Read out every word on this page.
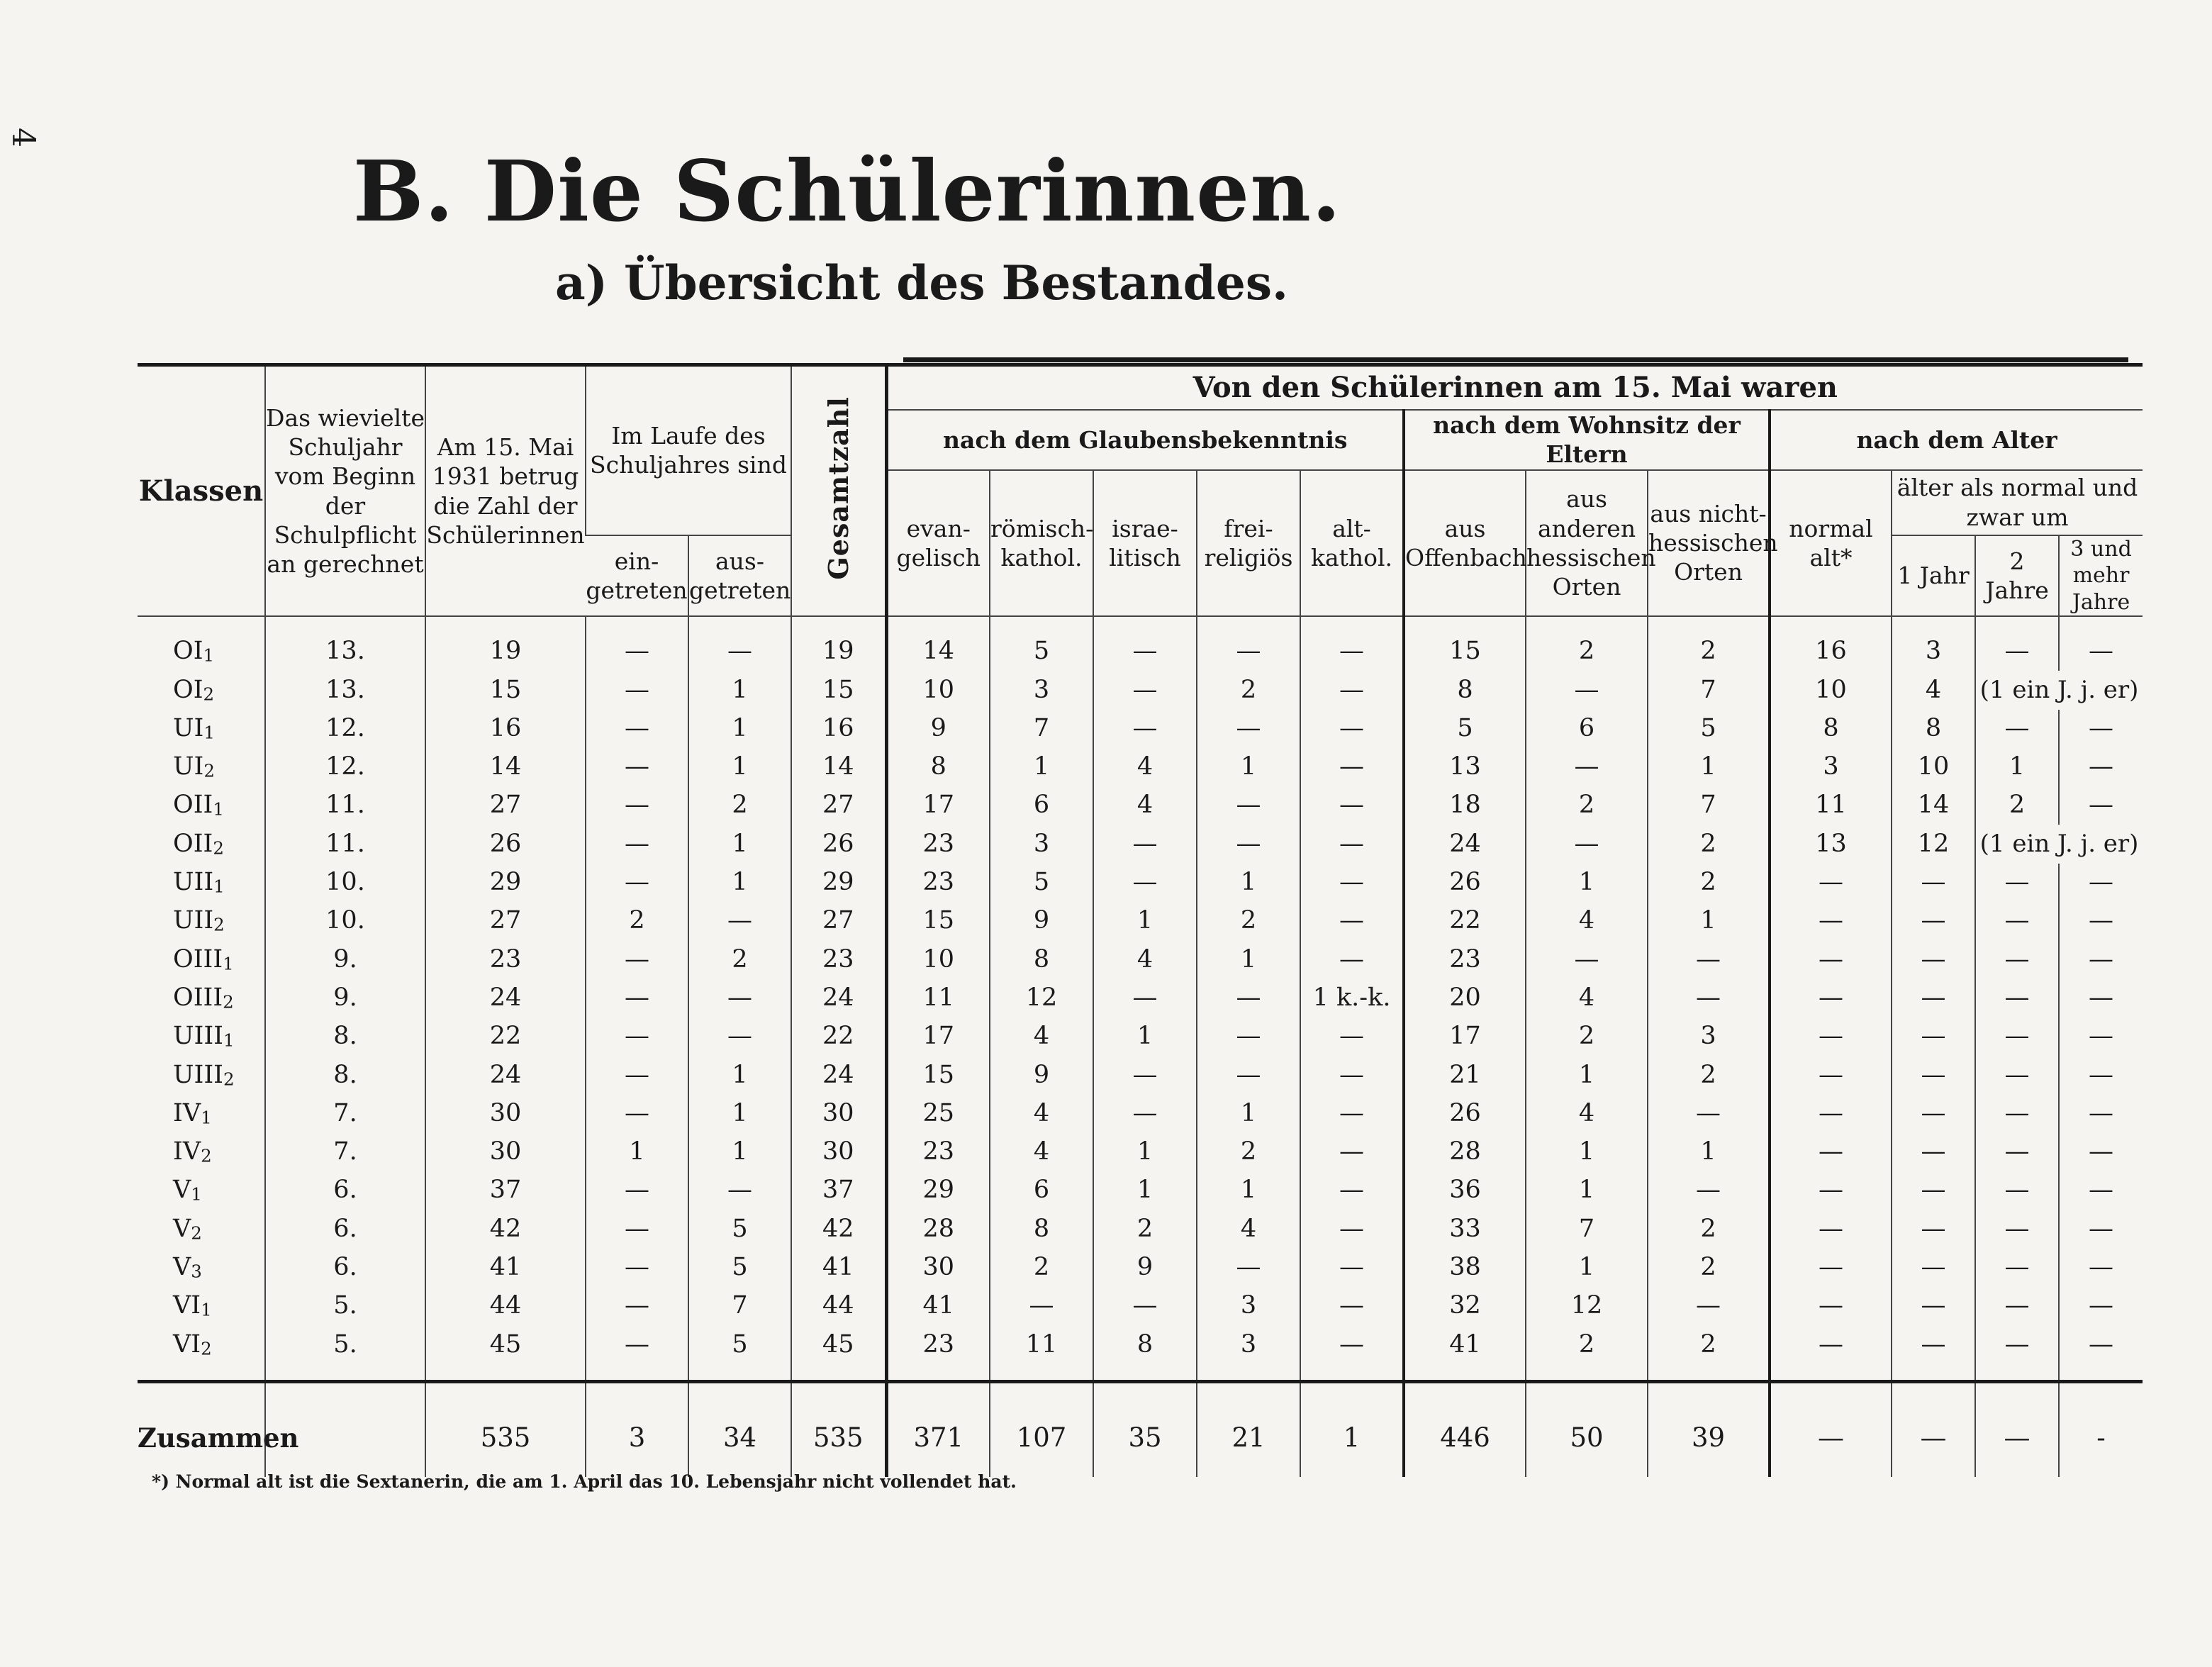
4
B. Die Schülerinnen.
a) Übersicht des Bestandes.
Klassen	Das wievielte Schuljahr vom Beginn der Schulpflicht an gerechnet	Am 15. Mai 1931 betrug die Zahl der Schülerinnen	Im Laufe des Schuljahres sind		Gesamtzahl	Von den Schülerinnen am 15. Mai waren											
						nach dem Glaubensbekenntnis					nach dem Wohnsitz der Eltern			nach dem Alter			
						evan- gelisch	römisch- kathol.	israe- litisch	frei- religiös	alt- kathol.	aus Offenbach	aus anderen hessischen Orten	aus nicht- hessischen Orten	normal alt*	älter als normal und zwar um		
			ein- getreten	aus- getreten											1 Jahr	2 Jahre	3 und mehr Jahre
$OI_1$	13.	19	—	—	19	14	5	—	—	—	15	2	2	16	3	—	—
$OI_2$	13.	15	—	1	15	10	3	—	2	—	8	—	7	10	4	(1 ein J. j. er)	
$UI_1$	12.	16	—	1	16	9	7	—	—	—	5	6	5	8	8	—	—
$UI_2$	12.	14	—	1	14	8	1	4	1	—	13	—	1	3	10	1	—
$OII_1$	11.	27	—	2	27	17	6	4	—	—	18	2	7	11	14	2	—
$OII_2$	11.	26	—	1	26	23	3	—	—	—	24	—	2	13	12	(1 ein J. j. er)	
$UII_1$	10.	29	—	1	29	23	5	—	1	—	26	1	2	—	—	—	—
$UII_2$	10.	27	2	—	27	15	9	1	2	—	22	4	1	—	—	—	—
$OIII_1$	9.	23	—	2	23	10	8	4	1	—	23	—	—	—	—	—	—
$OIII_2$	9.	24	—	—	24	11	12	—	—	1 k.-k.	20	4	—	—	—	—	—
$UIII_1$	8.	22	—	—	22	17	4	1	—	—	17	2	3	—	—	—	—
$UIII_2$	8.	24	—	1	24	15	9	—	—	—	21	1	2	—	—	—	—
$IV_1$	7.	30	—	1	30	25	4	—	1	—	26	4	—	—	—	—	—
$IV_2$	7.	30	1	1	30	23	4	1	2	—	28	1	1	—	—	—	—
$V_1$	6.	37	—	—	37	29	6	1	1	—	36	1	—	—	—	—	—
$V_2$	6.	42	—	5	42	28	8	2	4	—	33	7	2	—	—	—	—
$V_3$	6.	41	—	5	41	30	2	9	—	—	38	1	2	—	—	—	—
$VI_1$	5.	44	—	7	44	41	—	—	3	—	32	12	—	—	—	—	—
$VI_2$	5.	45	—	5	45	23	11	8	3	—	41	2	2	—	—	—	—
Zusammen		535	3	34	535	371	107	35	21	1	446	50	39	—	—	—	-
*) Normal alt ist die Sextanerin, die am 1. April das 10. Lebensjahr nicht vollendet hat.
